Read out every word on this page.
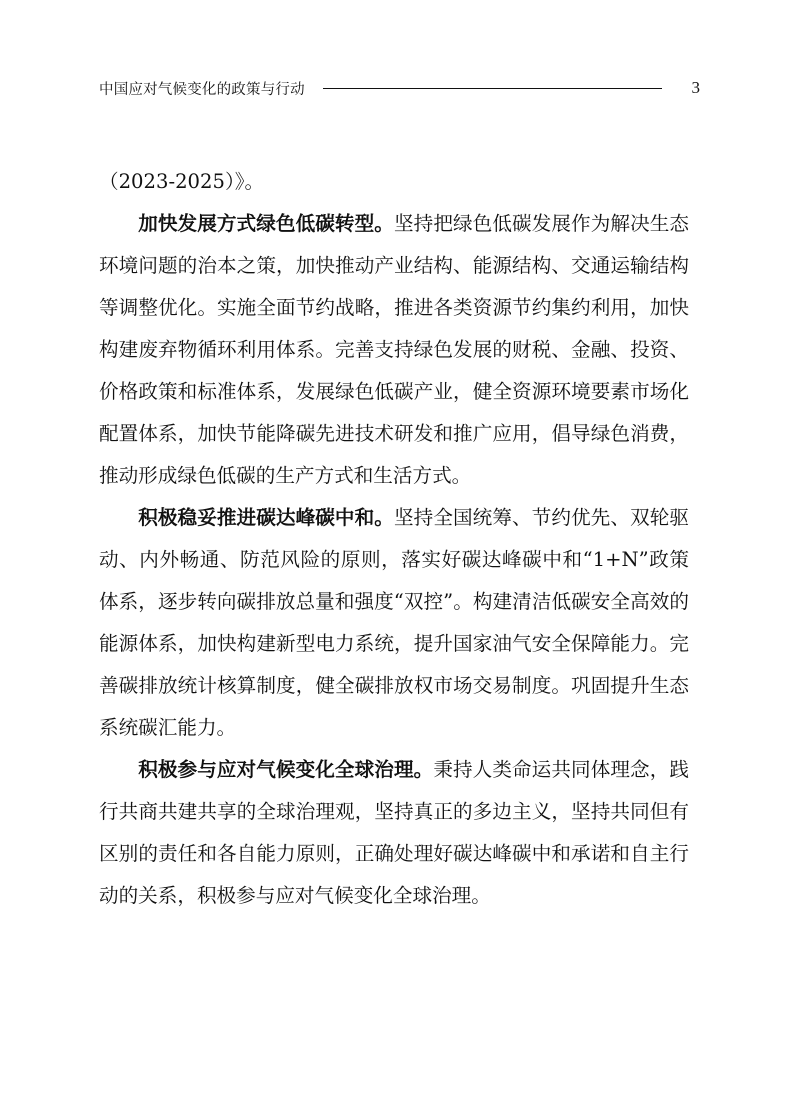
中国应对气候变化的政策与行动	3

（2023-2025）》。

加快发展方式绿色低碳转型。坚持把绿色低碳发展作为解决生态环境问题的治本之策，加快推动产业结构、能源结构、交通运输结构等调整优化。实施全面节约战略，推进各类资源节约集约利用，加快构建废弃物循环利用体系。完善支持绿色发展的财税、金融、投资、价格政策和标准体系，发展绿色低碳产业，健全资源环境要素市场化配置体系，加快节能降碳先进技术研发和推广应用，倡导绿色消费，推动形成绿色低碳的生产方式和生活方式。

积极稳妥推进碳达峰碳中和。坚持全国统筹、节约优先、双轮驱动、内外畅通、防范风险的原则，落实好碳达峰碳中和“1+N”政策体系，逐步转向碳排放总量和强度“双控”。构建清洁低碳安全高效的能源体系，加快构建新型电力系统，提升国家油气安全保障能力。完善碳排放统计核算制度，健全碳排放权市场交易制度。巩固提升生态系统碳汇能力。

积极参与应对气候变化全球治理。秉持人类命运共同体理念，践行共商共建共享的全球治理观，坚持真正的多边主义，坚持共同但有区别的责任和各自能力原则，正确处理好碳达峰碳中和承诺和自主行动的关系，积极参与应对气候变化全球治理。
